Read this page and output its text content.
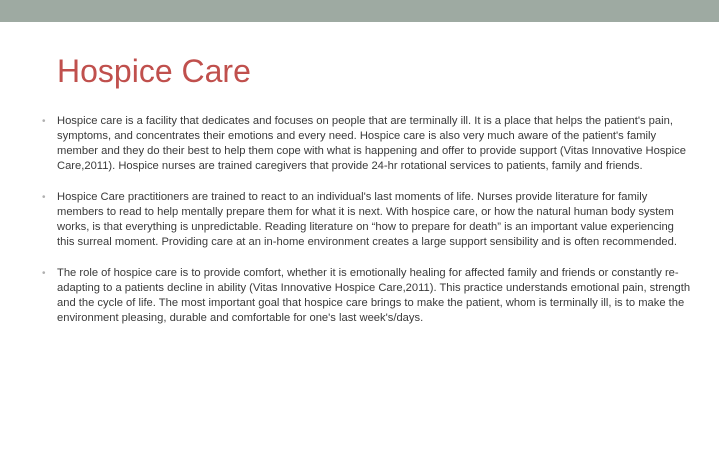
Hospice Care
• Hospice care is a facility that dedicates and focuses on people that are terminally ill. It is a place that helps the patient's pain, symptoms, and concentrates their emotions and every need. Hospice care is also very much aware of the patient's family member and they do their best to help them cope with what is happening and offer to provide support (Vitas Innovative Hospice Care,2011). Hospice nurses are trained caregivers that provide 24-hr rotational services to patients, family and friends.
• Hospice Care practitioners are trained to react to an individual's last moments of life. Nurses provide literature for family members to read to help mentally prepare them for what it is next. With hospice care, or how the natural human body system works, is that everything is unpredictable. Reading literature on “how to prepare for death” is an important value experiencing this surreal moment. Providing care at an in-home environment creates a large support sensibility and is often recommended.
• The role of hospice care is to provide comfort, whether it is emotionally healing for affected family and friends or constantly re-adapting to a patients decline in ability (Vitas Innovative Hospice Care,2011). This practice understands emotional pain, strength and the cycle of life. The most important goal that hospice care brings to make the patient, whom is terminally ill, is to make the environment pleasing, durable and comfortable for one's last week's/days.
